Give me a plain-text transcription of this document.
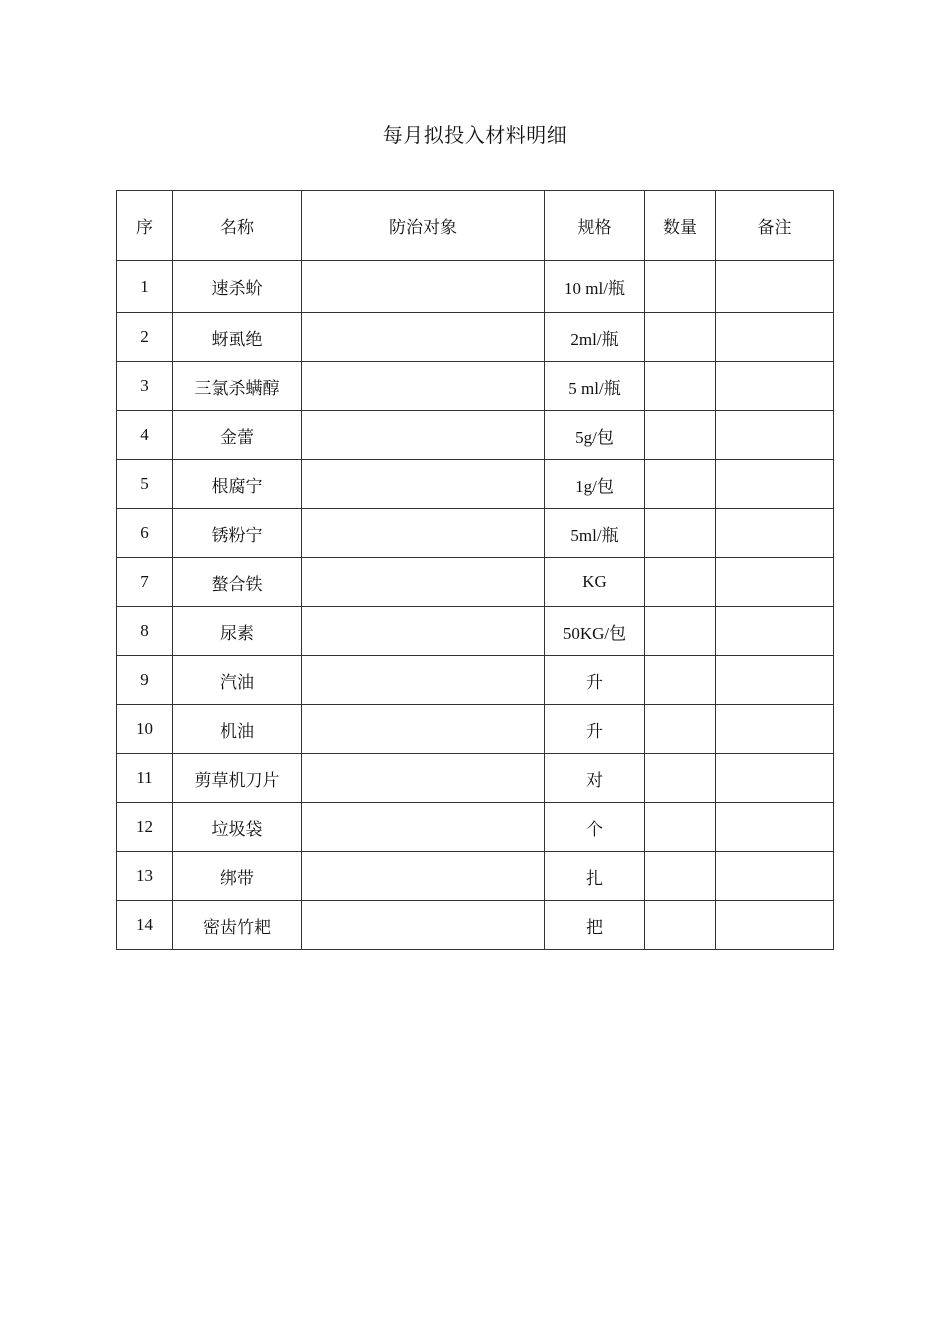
每月拟投入材料明细
序	名称	防治对象	规格	数量	备注
1	速杀蚧		10 ml/瓶		
2	蚜虱绝		2ml/瓶		
3	三氯杀螨醇		5 ml/瓶		
4	金蕾		5g/包		
5	根腐宁		1g/包		
6	锈粉宁		5ml/瓶		
7	螯合铁		KG		
8	尿素		50KG/包		
9	汽油		升		
10	机油		升		
11	剪草机刀片		对		
12	垃圾袋		个		
13	绑带		扎		
14	密齿竹耙		把		
